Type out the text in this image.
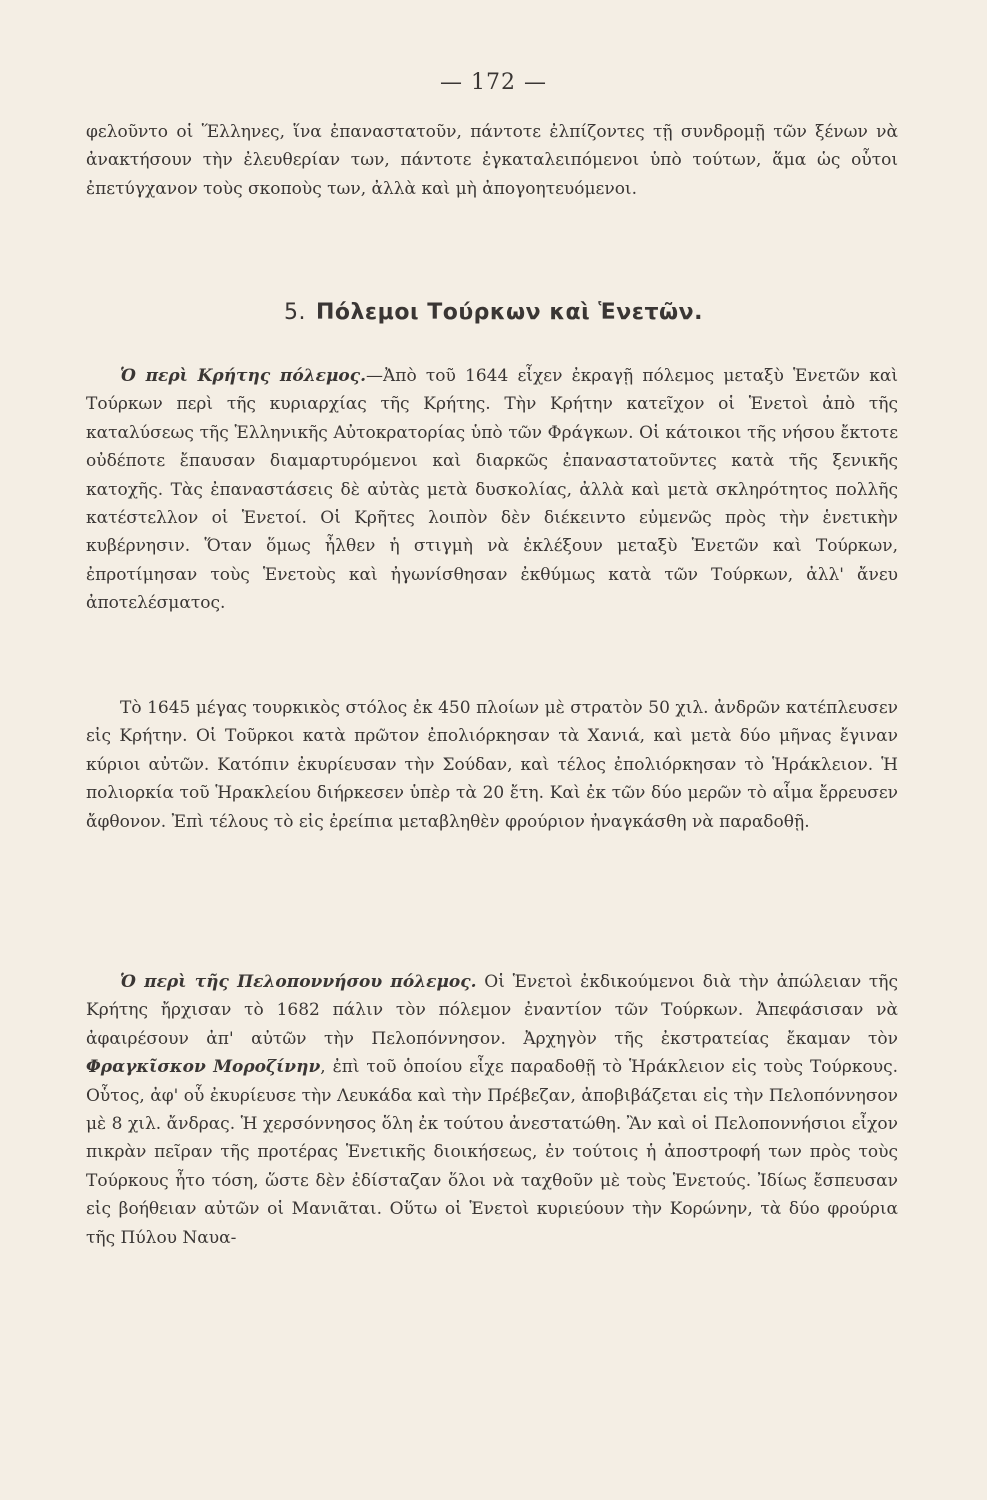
— 172 —

φελοῦντο οἱ Ἕλληνες, ἵνα ἐπαναστατοῦν, πάντοτε ἐλπίζοντες τῇ συνδρομῇ τῶν ξένων νὰ ἀνακτήσουν τὴν ἐλευθερίαν των, πάντοτε ἐγκαταλειπόμενοι ὑπὸ τούτων, ἅμα ὡς οὗτοι ἐπετύγχανον τοὺς σκοποὺς των, ἀλλὰ καὶ μὴ ἀπογοητευόμενοι.

5. Πόλεμοι Τούρκων καὶ Ἑνετῶν.

Ὁ περὶ Κρήτης πόλεμος.—Ἀπὸ τοῦ 1644 εἶχεν ἐκραγῇ πόλεμος μεταξὺ Ἑνετῶν καὶ Τούρκων περὶ τῆς κυριαρχίας τῆς Κρήτης. Τὴν Κρήτην κατεῖχον οἱ Ἑνετοὶ ἀπὸ τῆς καταλύσεως τῆς Ἑλληνικῆς Αὐτοκρατορίας ὑπὸ τῶν Φράγκων. Οἱ κάτοικοι τῆς νήσου ἔκτοτε οὐδέποτε ἔπαυσαν διαμαρτυρόμενοι καὶ διαρκῶς ἐπαναστατοῦντες κατὰ τῆς ξενικῆς κατοχῆς. Τὰς ἐπαναστάσεις δὲ αὐτὰς μετὰ δυσκολίας, ἀλλὰ καὶ μετὰ σκληρότητος πολλῆς κατέστελλον οἱ Ἑνετοί. Οἱ Κρῆτες λοιπὸν δὲν διέκειντο εὐμενῶς πρὸς τὴν ἑνετικὴν κυβέρνησιν. Ὅταν ὅμως ἦλθεν ἡ στιγμὴ νὰ ἐκλέξουν μεταξὺ Ἑνετῶν καὶ Τούρκων, ἐπροτίμησαν τοὺς Ἑνετοὺς καὶ ἠγωνίσθησαν ἐκθύμως κατὰ τῶν Τούρκων, ἀλλ' ἄνευ ἀποτελέσματος.

Τὸ 1645 μέγας τουρκικὸς στόλος ἐκ 450 πλοίων μὲ στρατὸν 50 χιλ. ἀνδρῶν κατέπλευσεν εἰς Κρήτην. Οἱ Τοῦρκοι κατὰ πρῶτον ἐπολιόρκησαν τὰ Χανιά, καὶ μετὰ δύο μῆνας ἔγιναν κύριοι αὐτῶν. Κατόπιν ἐκυρίευσαν τὴν Σούδαν, καὶ τέλος ἐπολιόρκησαν τὸ Ἡράκλειον. Ἡ πολιορκία τοῦ Ἡρακλείου διήρκεσεν ὑπὲρ τὰ 20 ἔτη. Καὶ ἐκ τῶν δύο μερῶν τὸ αἷμα ἔρρευσεν ἄφθονον. Ἐπὶ τέλους τὸ εἰς ἐρείπια μεταβληθὲν φρούριον ἠναγκάσθη νὰ παραδοθῇ.

Ὁ περὶ τῆς Πελοποννήσου πόλεμος. Οἱ Ἑνετοὶ ἐκδικούμενοι διὰ τὴν ἀπώλειαν τῆς Κρήτης ἤρχισαν τὸ 1682 πάλιν τὸν πόλεμον ἐναντίον τῶν Τούρκων. Ἀπεφάσισαν νὰ ἀφαιρέσουν ἀπ' αὐτῶν τὴν Πελοπόννησον. Ἀρχηγὸν τῆς ἐκστρατείας ἔκαμαν τὸν Φραγκῖσκον Μοροζίνην, ἐπὶ τοῦ ὁποίου εἶχε παραδοθῇ τὸ Ἡράκλειον εἰς τοὺς Τούρκους. Οὗτος, ἀφ' οὗ ἐκυρίευσε τὴν Λευκάδα καὶ τὴν Πρέβεζαν, ἀποβιβάζεται εἰς τὴν Πελοπόννησον μὲ 8 χιλ. ἄνδρας. Ἡ χερσόννησος ὅλη ἐκ τούτου ἀνεστατώθη. Ἂν καὶ οἱ Πελοποννήσιοι εἶχον πικρὰν πεῖραν τῆς προτέρας Ἑνετικῆς διοικήσεως, ἐν τούτοις ἡ ἀποστροφή των πρὸς τοὺς Τούρκους ἦτο τόση, ὥστε δὲν ἐδίσταζαν ὅλοι νὰ ταχθοῦν μὲ τοὺς Ἑνετούς. Ἰδίως ἔσπευσαν εἰς βοήθειαν αὐτῶν οἱ Μανιᾶται. Οὕτω οἱ Ἑνετοὶ κυριεύουν τὴν Κορώνην, τὰ δύο φρούρια τῆς Πύλου Ναυα-
